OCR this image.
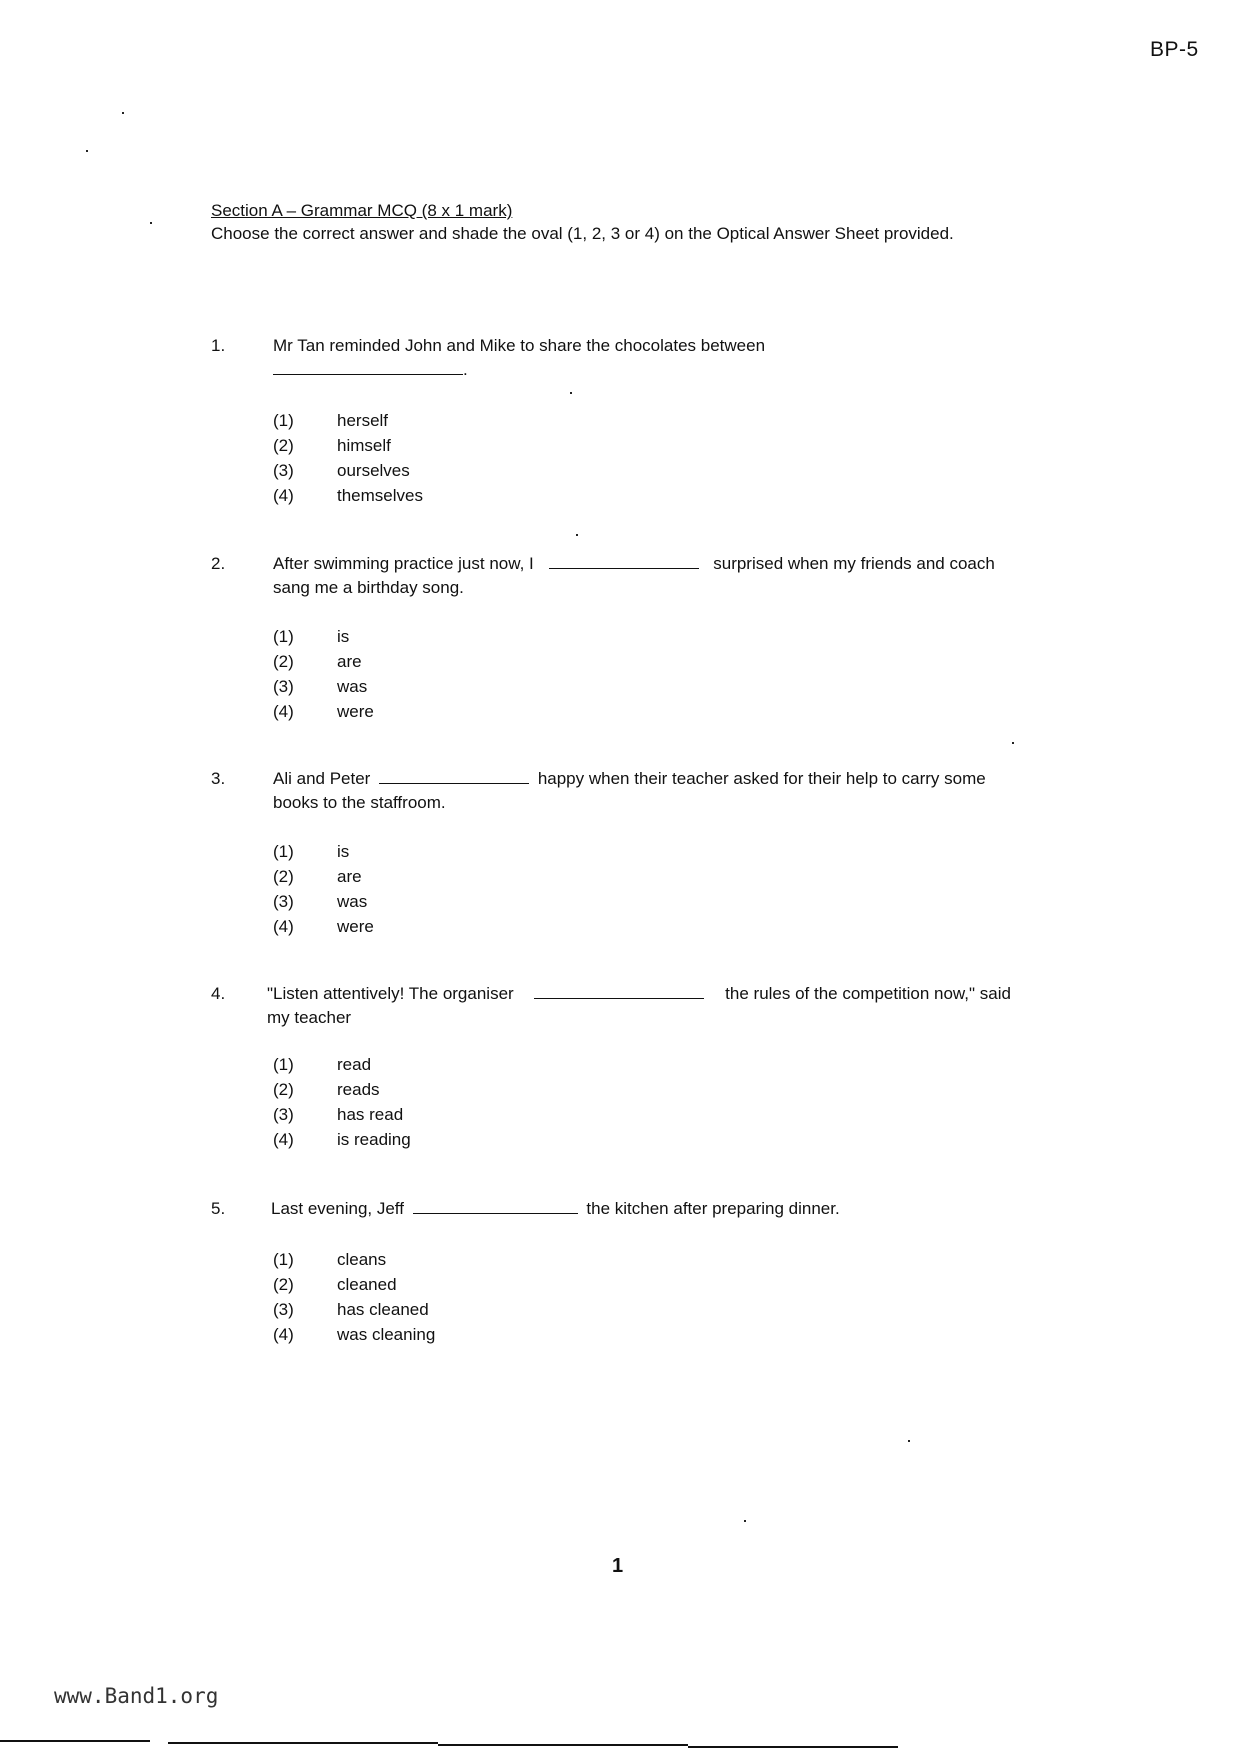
BP-5
Section A – Grammar MCQ (8 x 1 mark)
Choose the correct answer and shade the oval (1, 2, 3 or 4) on the Optical Answer Sheet provided.
1.	Mr Tan reminded John and Mike to share the chocolates between
.
(1)	herself
(2)	himself
(3)	ourselves
(4)	themselves
2.	After swimming practice just now, I	surprised when my friends and coach sang me a birthday song.
(1)	is
(2)	are
(3)	was
(4)	were
3.	Ali and Peter	happy when their teacher asked for their help to carry some books to the staffroom.
(1)	is
(2)	are
(3)	was
(4)	were
4. "Listen attentively! The organiser	the rules of the competition now," said my teacher
(1)	read
(2)	reads
(3)	has read
(4)	is reading
5.	Last evening, Jeff	the kitchen after preparing dinner.
(1)	cleans
(2)	cleaned
(3)	has cleaned
(4)	was cleaning
1
www.Band1.org
